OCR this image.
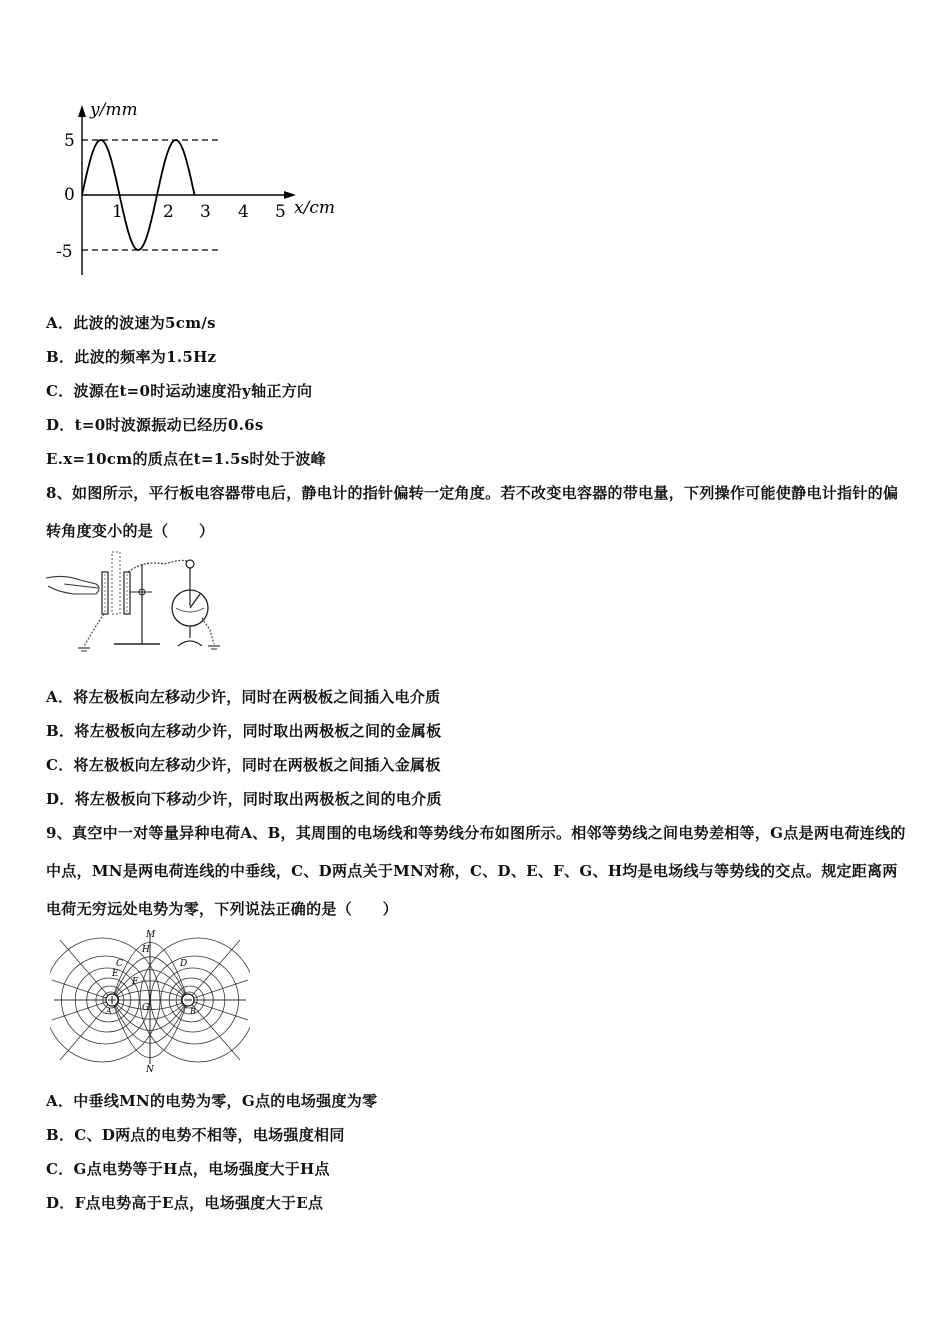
y/mm
x/cm
5
0
-5
1 2 3 4 5
A．此波的波速为5cm/s
B．此波的频率为1.5Hz
C．波源在t=0时运动速度沿y轴正方向
D．t=0时波源振动已经历0.6s
E.x=10cm的质点在t=1.5s时处于波峰
8、如图所示，平行板电容器带电后，静电计的指针偏转一定角度。若不改变电容器的带电量，下列操作可能使静电计指针的偏转角度变小的是（　　）
A．将左极板向左移动少许，同时在两极板之间插入电介质
B．将左极板向左移动少许，同时取出两极板之间的金属板
C．将左极板向左移动少许，同时在两极板之间插入金属板
D．将左极板向下移动少许，同时取出两极板之间的电介质
9、真空中一对等量异种电荷A、B，其周围的电场线和等势线分布如图所示。相邻等势线之间电势差相等，G点是两电荷连线的中点，MN是两电荷连线的中垂线，C、D两点关于MN对称，C、D、E、F、G、H均是电场线与等势线的交点。规定距离两电荷无穷远处电势为零，下列说法正确的是（　　）
M
N
H
C	D
E
F
G
A	B
A．中垂线MN的电势为零，G点的电场强度为零
B．C、D两点的电势不相等，电场强度相同
C．G点电势等于H点，电场强度大于H点
D．F点电势高于E点，电场强度大于E点
